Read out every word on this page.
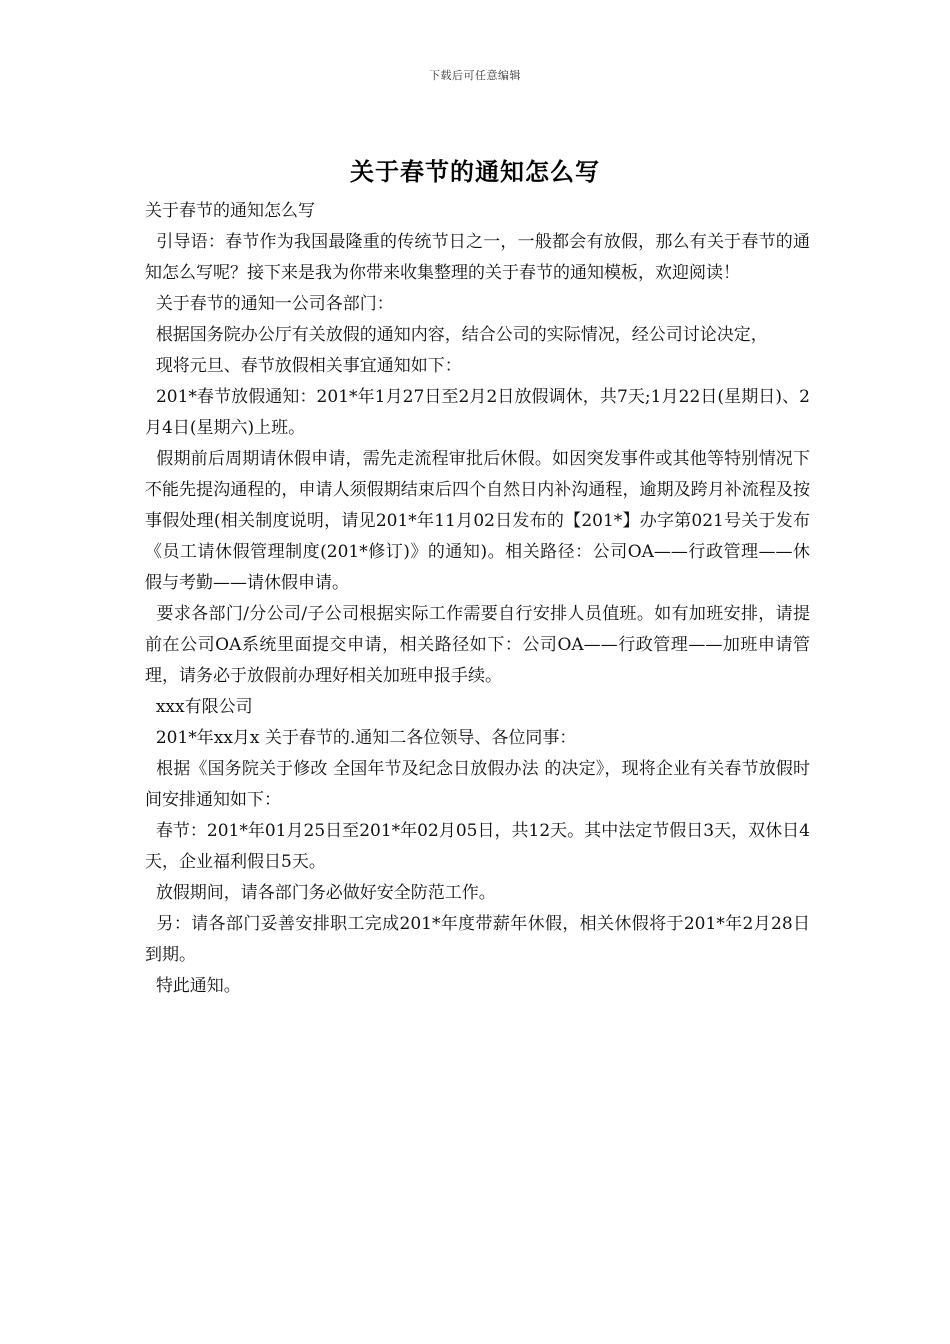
下载后可任意编辑
关于春节的通知怎么写

关于春节的通知怎么写

引导语：春节作为我国最隆重的传统节日之一，一般都会有放假，那么有关于春节的通知怎么写呢？接下来是我为你带来收集整理的关于春节的通知模板，欢迎阅读！

关于春节的通知一公司各部门：

根据国务院办公厅有关放假的通知内容，结合公司的实际情况，经公司讨论决定，

现将元旦、春节放假相关事宜通知如下：

201*春节放假通知：201*年1月27日至2月2日放假调休，共7天;1月22日(星期日)、2月4日(星期六)上班。

假期前后周期请休假申请，需先走流程审批后休假。如因突发事件或其他等特别情况下不能先提沟通程的，申请人须假期结束后四个自然日内补沟通程，逾期及跨月补流程及按事假处理(相关制度说明，请见201*年11月02日发布的【201*】办字第021号关于发布《员工请休假管理制度(201*修订)》的通知)。相关路径：公司OA——行政管理——休假与考勤——请休假申请。

要求各部门/分公司/子公司根据实际工作需要自行安排人员值班。如有加班安排，请提前在公司OA系统里面提交申请，相关路径如下：公司OA——行政管理——加班申请管理，请务必于放假前办理好相关加班申报手续。

xxx有限公司

201*年xx月x 关于春节的.通知二各位领导、各位同事：

根据《国务院关于修改 全国年节及纪念日放假办法 的决定》，现将企业有关春节放假时间安排通知如下：

春节：201*年01月25日至201*年02月05日，共12天。其中法定节假日3天，双休日4天，企业福利假日5天。

放假期间，请各部门务必做好安全防范工作。

另：请各部门妥善安排职工完成201*年度带薪年休假，相关休假将于201*年2月28日到期。

特此通知。
